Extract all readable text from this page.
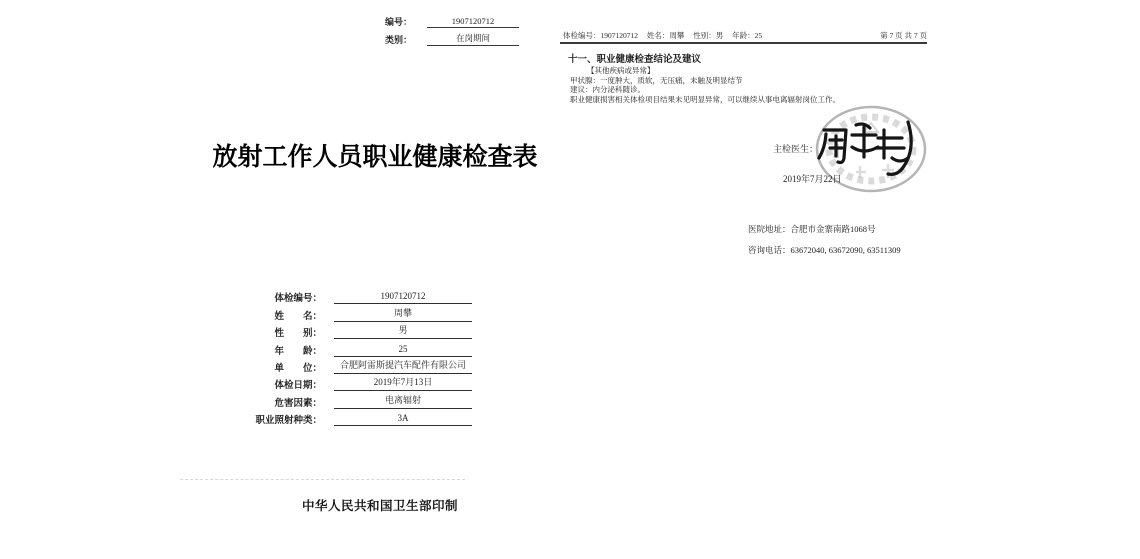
编号：	1907120712
类别：	在岗期间
放射工作人员职业健康检查表
体检编号：	1907120712
姓　　名：	周攀
性　　别：	男
年　　龄：	25
单　　位：	合肥阿雷斯提汽车配件有限公司
体检日期：	2019年7月13日
危害因素：	电离辐射
职业照射种类：	3A
中华人民共和国卫生部印制
体检编号：1907120712 姓名：周攀 性别：男 年龄：25	第 7 页 共 7 页
十一、职业健康检查结论及建议
【其他疾病或异常】
甲状腺：一度肿大，质软，无压痛，未触及明显结节
建议：内分泌科随诊。
职业健康损害相关体检项目结果未见明显异常，可以继续从事电离辐射岗位工作。
主检医生：
2019年7月22日
医院地址：合肥市金寨南路1068号
咨询电话：63672040, 63672090, 63511309
